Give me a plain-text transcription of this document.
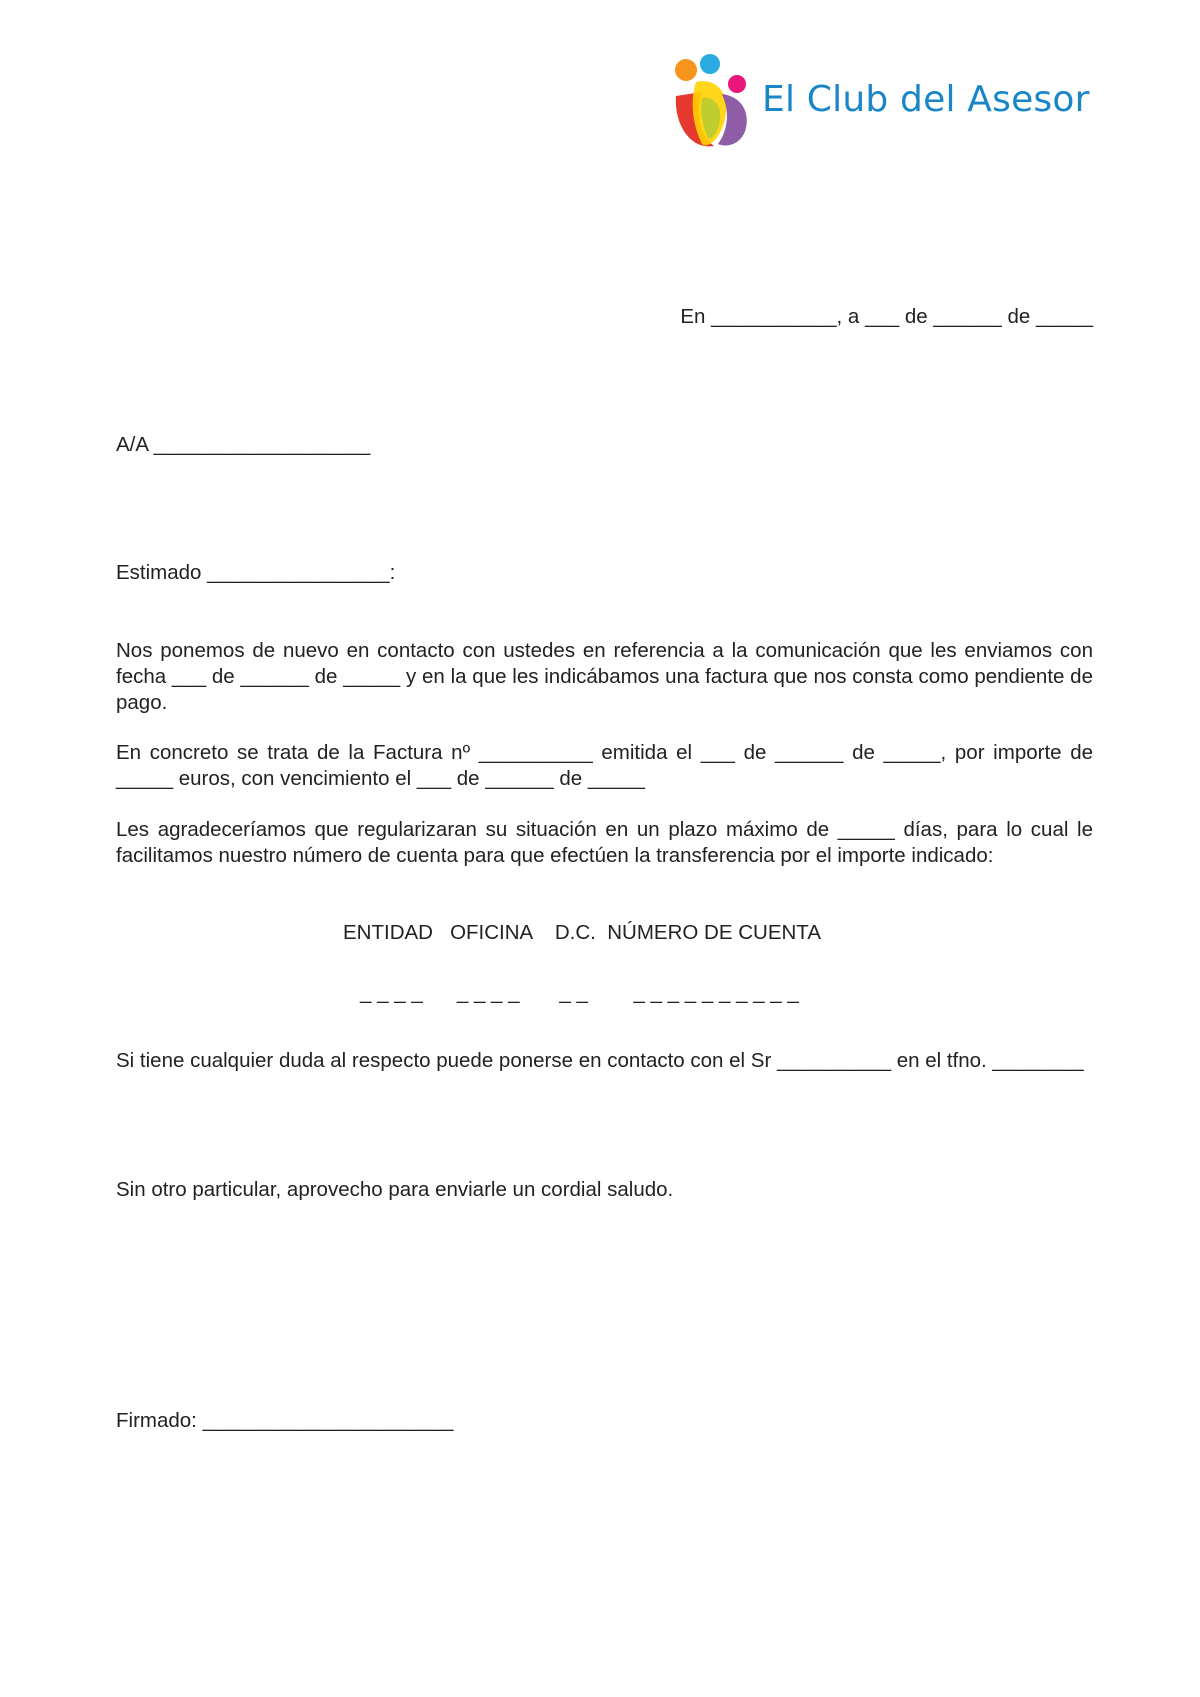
El Club del Asesor
En ___________, a ___ de ______ de _____
A/A ___________________
Estimado ________________:
Nos ponemos de nuevo en contacto con ustedes en referencia a la comunicación que les enviamos con fecha ___ de ______ de _____ y en la que les indicábamos una factura que nos consta como pendiente de pago.
En concreto se trata de la Factura nº __________ emitida el ___ de ______ de _____, por importe de _____ euros, con vencimiento el ___ de ______ de _____
Les agradeceríamos que regularizaran su situación en un plazo máximo de _____ días, para lo cual le facilitamos nuestro número de cuenta para que efectúen la transferencia por el importe indicado:
ENTIDAD   OFICINA    D.C.  NÚMERO DE CUENTA
_ _ _ _      _ _ _ _       _ _        _ _ _ _ _ _ _ _ _ _
Si tiene cualquier duda al respecto puede ponerse en contacto con el Sr __________ en el tfno. ________
Sin otro particular, aprovecho para enviarle un cordial saludo.
Firmado: ______________________
